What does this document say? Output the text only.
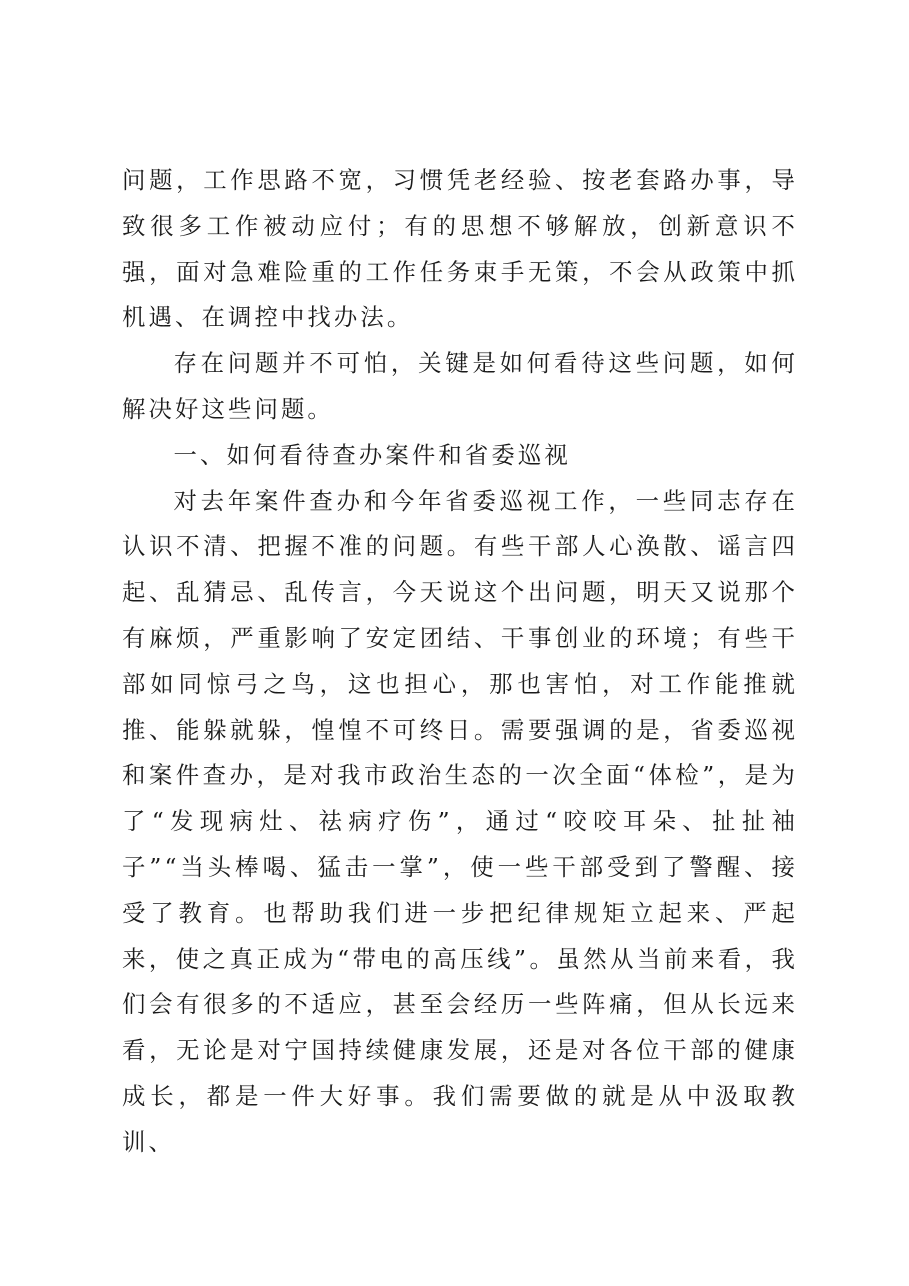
问题，工作思路不宽，习惯凭老经验、按老套路办事，导致很多工作被动应付；有的思想不够解放，创新意识不强，面对急难险重的工作任务束手无策，不会从政策中抓机遇、在调控中找办法。

存在问题并不可怕，关键是如何看待这些问题，如何解决好这些问题。

一、如何看待查办案件和省委巡视

对去年案件查办和今年省委巡视工作，一些同志存在认识不清、把握不准的问题。有些干部人心涣散、谣言四起、乱猜忌、乱传言，今天说这个出问题，明天又说那个有麻烦，严重影响了安定团结、干事创业的环境；有些干部如同惊弓之鸟，这也担心，那也害怕，对工作能推就推、能躲就躲，惶惶不可终日。需要强调的是，省委巡视和案件查办，是对我市政治生态的一次全面“体检”，是为了“发现病灶、祛病疗伤”，通过“咬咬耳朵、扯扯袖子”“当头棒喝、猛击一掌”，使一些干部受到了警醒、接受了教育。也帮助我们进一步把纪律规矩立起来、严起来，使之真正成为“带电的高压线”。虽然从当前来看，我们会有很多的不适应，甚至会经历一些阵痛，但从长远来看，无论是对宁国持续健康发展，还是对各位干部的健康成长，都是一件大好事。我们需要做的就是从中汲取教训、
